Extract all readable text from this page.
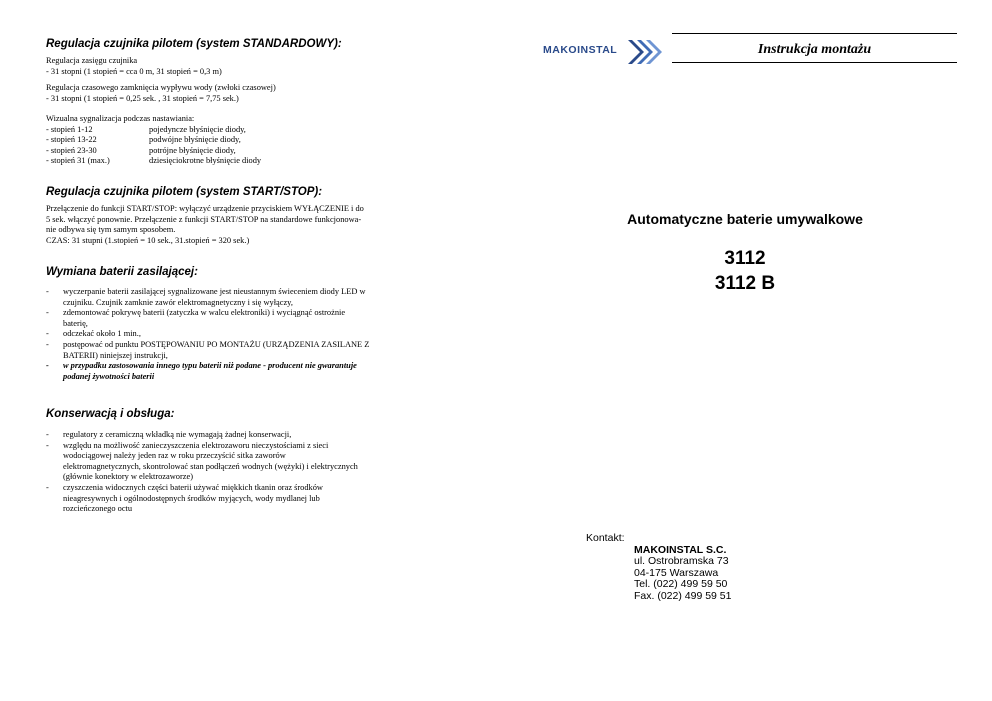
Regulacja czujnika pilotem (system STANDARDOWY):
Regulacja zasięgu czujnika
- 31 stopni (1 stopień = cca 0 m, 31 stopień = 0,3 m)
Regulacja czasowego zamknięcia wypływu wody (zwłoki czasowej)
- 31 stopni (1 stopień = 0,25 sek. , 31 stopień = 7,75 sek.)
Wizualna sygnalizacja podczas nastawiania:
- stopień 1-12	pojedyncze błyśnięcie diody,
- stopień 13-22	podwójne błyśnięcie diody,
- stopień 23-30	potrójne błyśnięcie diody,
- stopień 31 (max.)	dziesięciokrotne błyśnięcie diody
Regulacja czujnika pilotem (system START/STOP):
Przełączenie do funkcji START/STOP: wyłączyć urządzenie przyciskiem WYŁĄCZENIE i do
5 sek. włączyć ponownie. Przełączenie z funkcji START/STOP na standardowe funkcjonowa-
nie odbywa się tym samym sposobem.
CZAS: 31 stupni (1.stopień = 10 sek., 31.stopień = 320 sek.)
Wymiana baterii zasilającej:
- wyczerpanie baterii zasilającej sygnalizowane jest nieustannym świeceniem diody LED w
czujniku. Czujnik zamknie zawór elektromagnetyczny i się wyłączy,
- zdemontować pokrywę baterii (zatyczka w walcu elektroniki) i wyciągnąć ostrożnie
baterię,
- odczekać około 1 min.,
- postępować od punktu POSTĘPOWANIU PO MONTAŻU (URZĄDZENIA ZASILANE Z
BATERII) niniejszej instrukcji,
- w przypadku zastosowania innego typu baterii niż podane - producent nie gwarantuje
podanej żywotności baterii
Konserwacją i obsługa:
- regulatory z ceramiczną wkładką nie wymagają żadnej konserwacji,
- względu na możliwość zanieczyszczenia elektrozaworu nieczystościami z sieci
wodociągowej należy jeden raz w roku przeczyścić sitka zaworów
elektromagnetycznych, skontrolować stan podłączeń wodnych (wężyki) i elektrycznych
(głównie konektory w elektrozaworze)
- czyszczenia widocznych części baterii używać miękkich tkanin oraz środków
nieagresywnych i ogólnodostępnych środków myjących, wody mydlanej lub
rozcieńczonego octu
MAKOINSTAL	Instrukcja montażu
Automatyczne baterie umywalkowe
3112
3112 B
Kontakt:
MAKOINSTAL S.C.
ul. Ostrobramska 73
04-175 Warszawa
Tel. (022) 499 59 50
Fax. (022) 499 59 51
